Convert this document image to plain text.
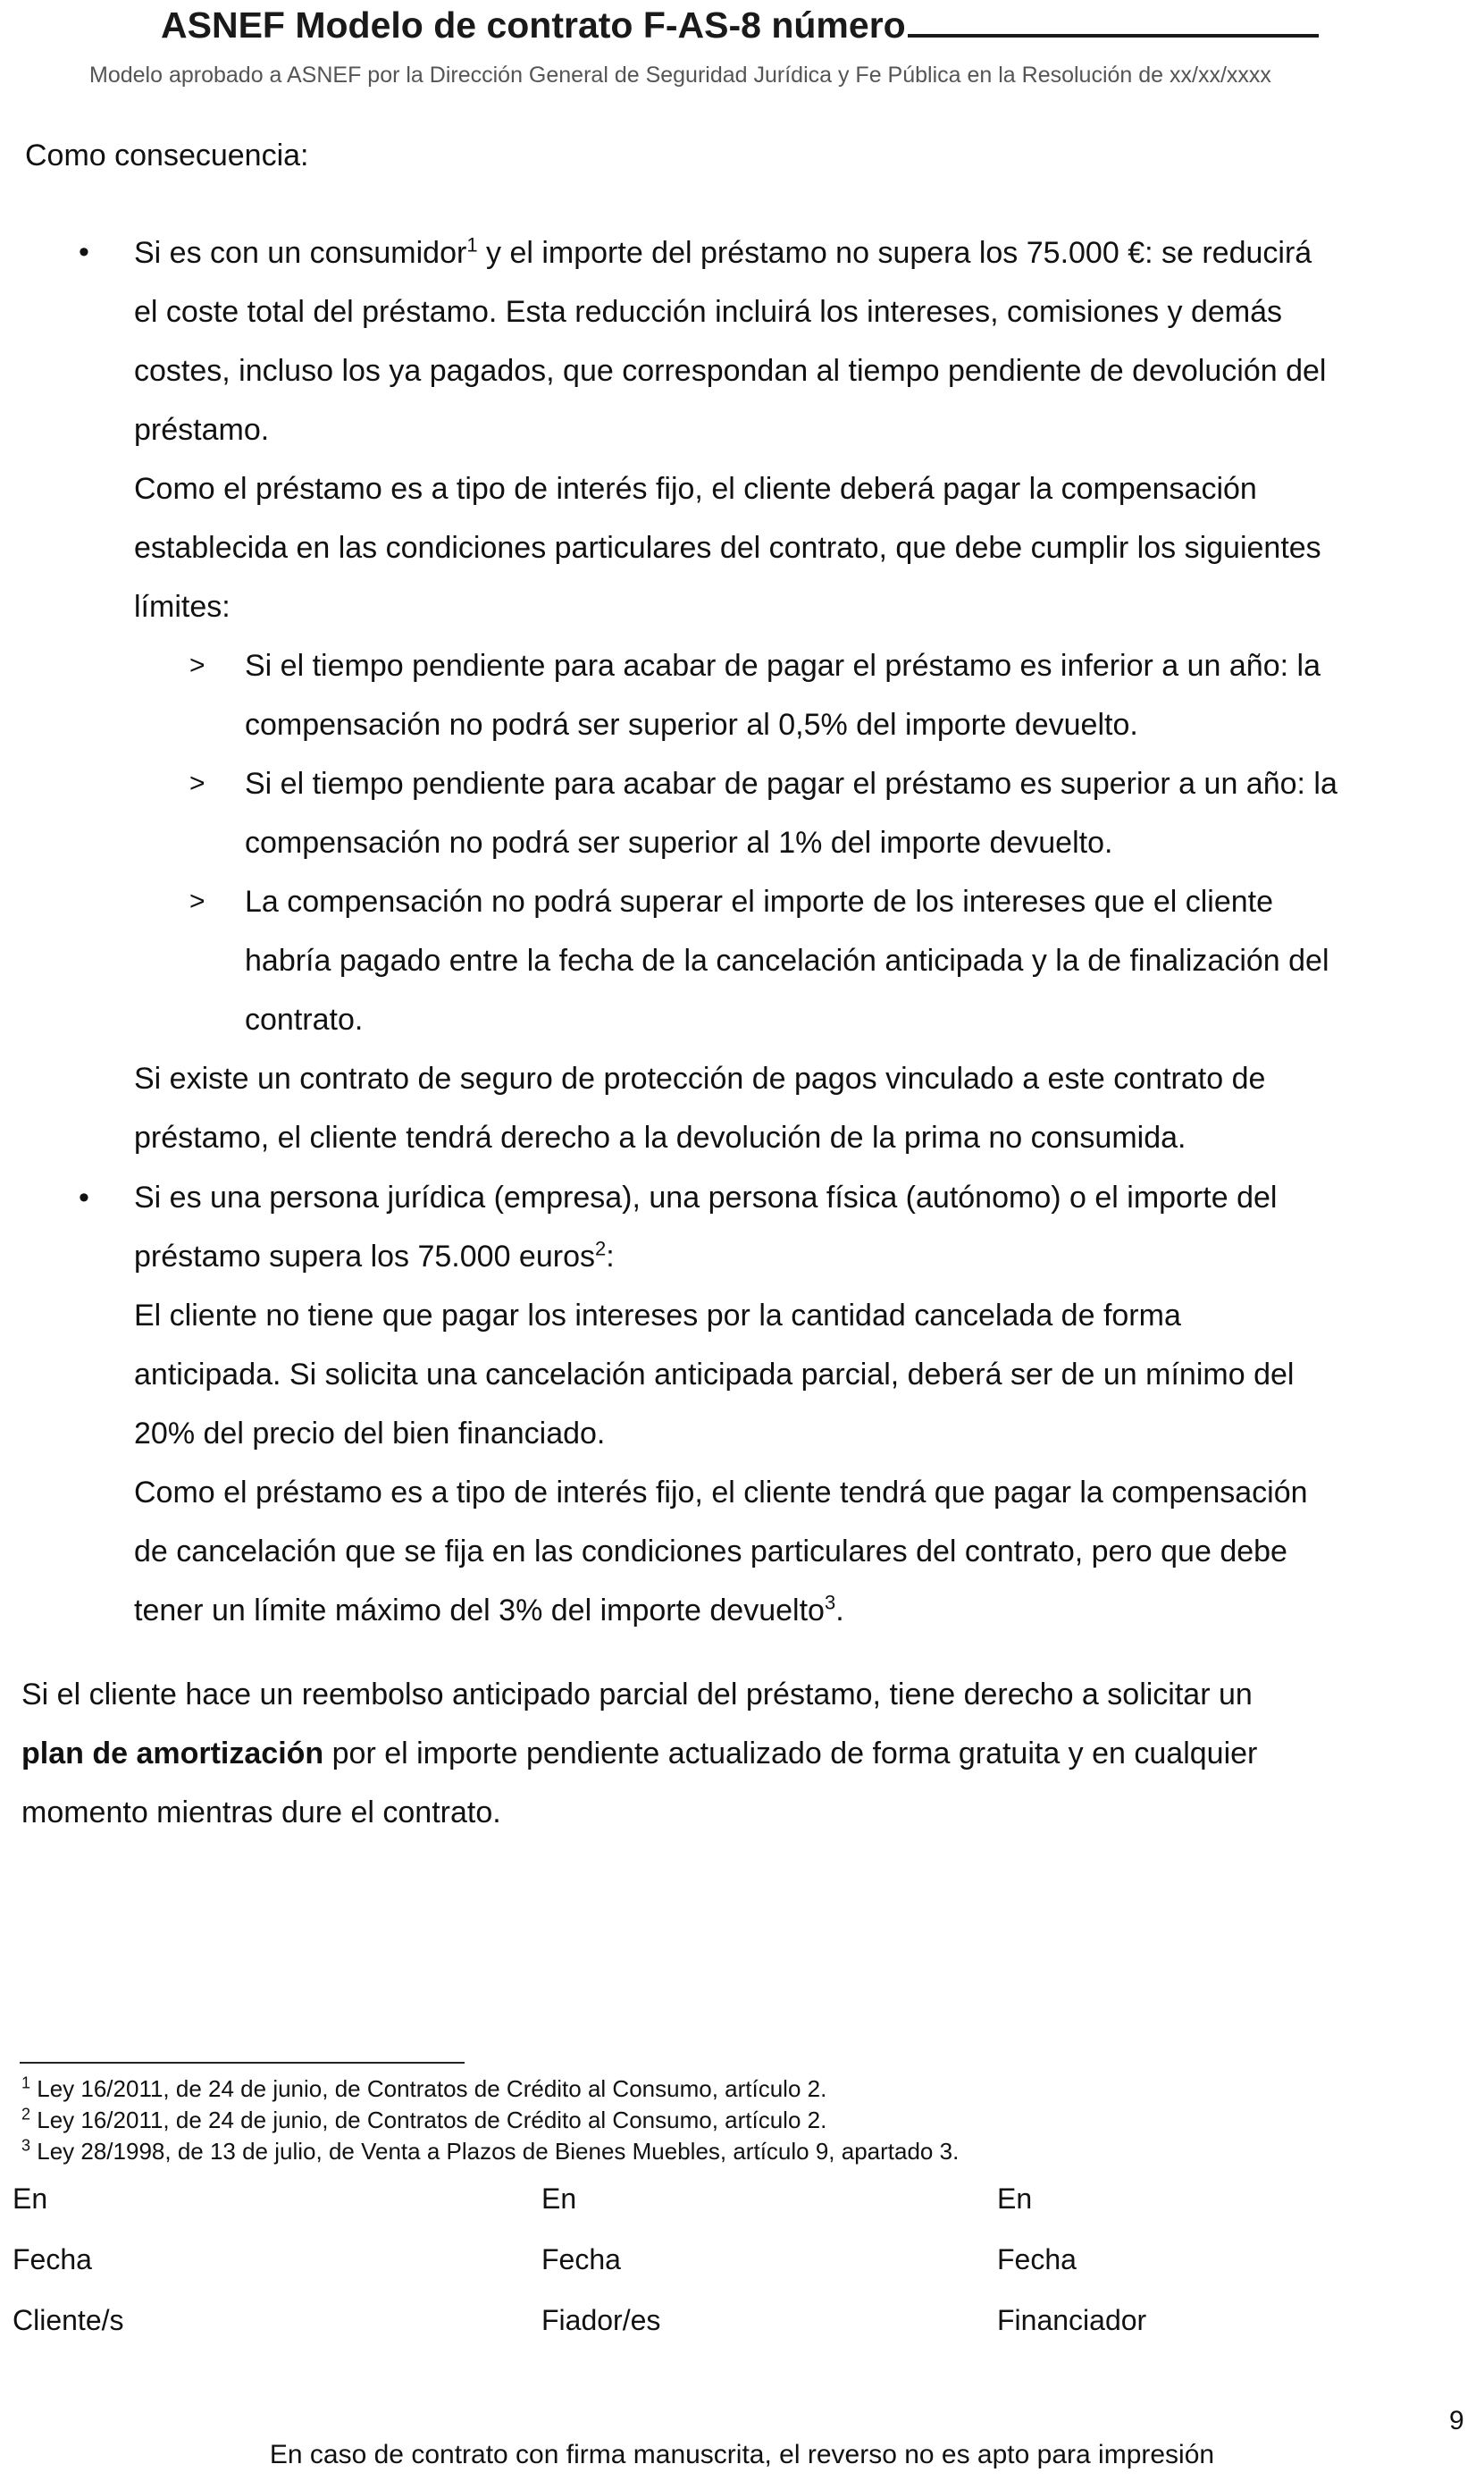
ASNEF Modelo de contrato F-AS-8 número
Modelo aprobado a ASNEF por la Dirección General de Seguridad Jurídica y Fe Pública en la Resolución de xx/xx/xxxx
Como consecuencia:
• Si es con un consumidor$^1$ y el importe del préstamo no supera los 75.000 €: se reducirá
el coste total del préstamo. Esta reducción incluirá los intereses, comisiones y demás
costes, incluso los ya pagados, que correspondan al tiempo pendiente de devolución del
préstamo.
Como el préstamo es a tipo de interés fijo, el cliente deberá pagar la compensación
establecida en las condiciones particulares del contrato, que debe cumplir los siguientes
límites:
> Si el tiempo pendiente para acabar de pagar el préstamo es inferior a un año: la
compensación no podrá ser superior al 0,5% del importe devuelto.
> Si el tiempo pendiente para acabar de pagar el préstamo es superior a un año: la
compensación no podrá ser superior al 1% del importe devuelto.
> La compensación no podrá superar el importe de los intereses que el cliente
habría pagado entre la fecha de la cancelación anticipada y la de finalización del
contrato.
Si existe un contrato de seguro de protección de pagos vinculado a este contrato de
préstamo, el cliente tendrá derecho a la devolución de la prima no consumida.
• Si es una persona jurídica (empresa), una persona física (autónomo) o el importe del
préstamo supera los 75.000 euros$^2$:
El cliente no tiene que pagar los intereses por la cantidad cancelada de forma
anticipada. Si solicita una cancelación anticipada parcial, deberá ser de un mínimo del
20% del precio del bien financiado.
Como el préstamo es a tipo de interés fijo, el cliente tendrá que pagar la compensación
de cancelación que se fija en las condiciones particulares del contrato, pero que debe
tener un límite máximo del 3% del importe devuelto$^3$.
Si el cliente hace un reembolso anticipado parcial del préstamo, tiene derecho a solicitar un
plan de amortización por el importe pendiente actualizado de forma gratuita y en cualquier
momento mientras dure el contrato.
$^1$ Ley 16/2011, de 24 de junio, de Contratos de Crédito al Consumo, artículo 2.
$^2$ Ley 16/2011, de 24 de junio, de Contratos de Crédito al Consumo, artículo 2.
$^3$ Ley 28/1998, de 13 de julio, de Venta a Plazos de Bienes Muebles, artículo 9, apartado 3.
En
Fecha
Cliente/s
En
Fecha
Fiador/es
En
Fecha
Financiador
9
En caso de contrato con firma manuscrita, el reverso no es apto para impresión
